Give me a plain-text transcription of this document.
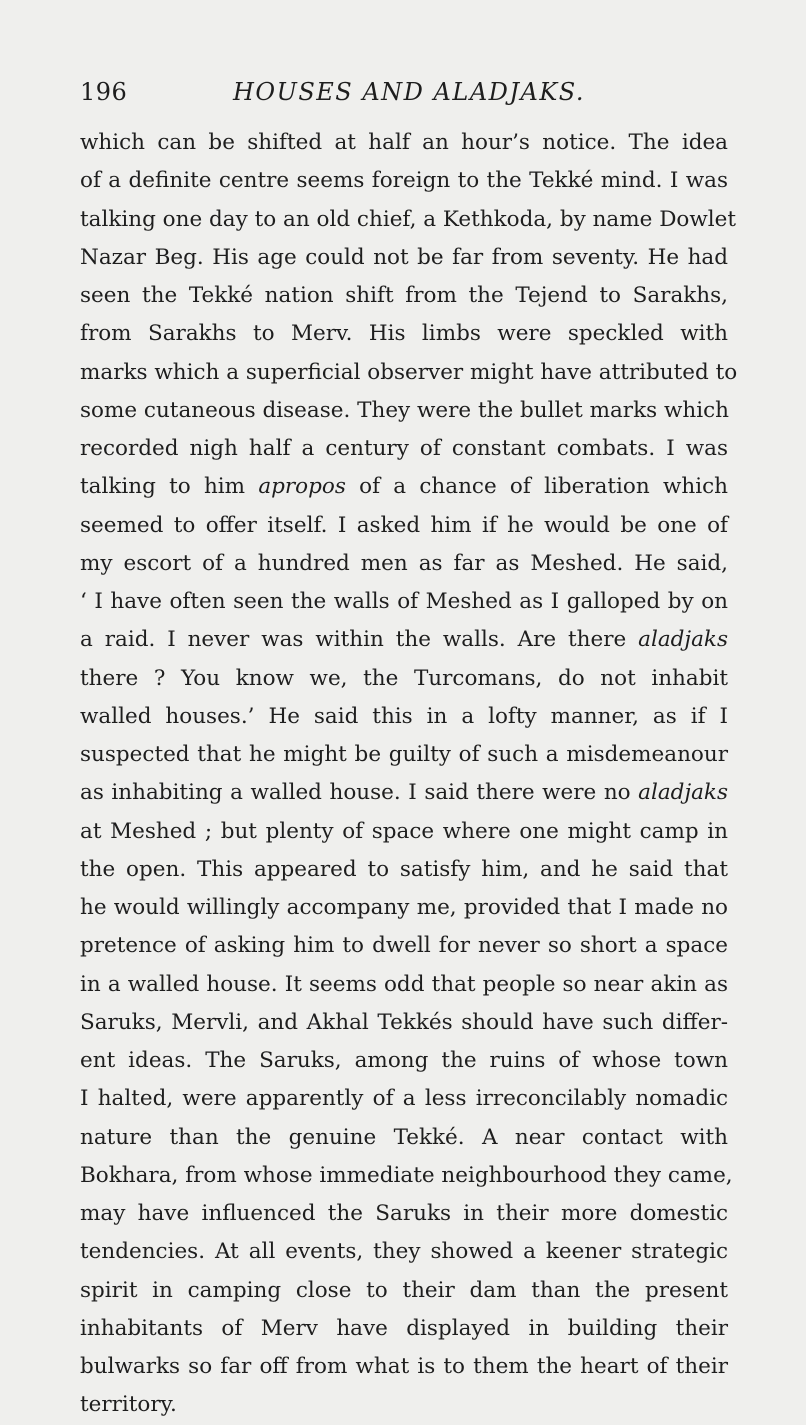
196	HOUSES AND ALADJAKS.
which can be shifted at half an hour’s notice. The idea
of a definite centre seems foreign to the Tekké mind. I was
talking one day to an old chief, a Kethkoda, by name Dowlet
Nazar Beg. His age could not be far from seventy. He had
seen the Tekké nation shift from the Tejend to Sarakhs,
from Sarakhs to Merv. His limbs were speckled with
marks which a superficial observer might have attributed to
some cutaneous disease. They were the bullet marks which
recorded nigh half a century of constant combats. I was
talking to him apropos of a chance of liberation which
seemed to offer itself. I asked him if he would be one of
my escort of a hundred men as far as Meshed. He said,
‘ I have often seen the walls of Meshed as I galloped by on
a raid. I never was within the walls. Are there aladjaks
there ? You know we, the Turcomans, do not inhabit
walled houses.’ He said this in a lofty manner, as if I
suspected that he might be guilty of such a misdemeanour
as inhabiting a walled house. I said there were no aladjaks
at Meshed ; but plenty of space where one might camp in
the open. This appeared to satisfy him, and he said that
he would willingly accompany me, provided that I made no
pretence of asking him to dwell for never so short a space
in a walled house. It seems odd that people so near akin as
Saruks, Mervli, and Akhal Tekkés should have such differ-
ent ideas. The Saruks, among the ruins of whose town
I halted, were apparently of a less irreconcilably nomadic
nature than the genuine Tekké. A near contact with
Bokhara, from whose immediate neighbourhood they came,
may have influenced the Saruks in their more domestic
tendencies. At all events, they showed a keener strategic
spirit in camping close to their dam than the present
inhabitants of Merv have displayed in building their
bulwarks so far off from what is to them the heart of their
territory.
